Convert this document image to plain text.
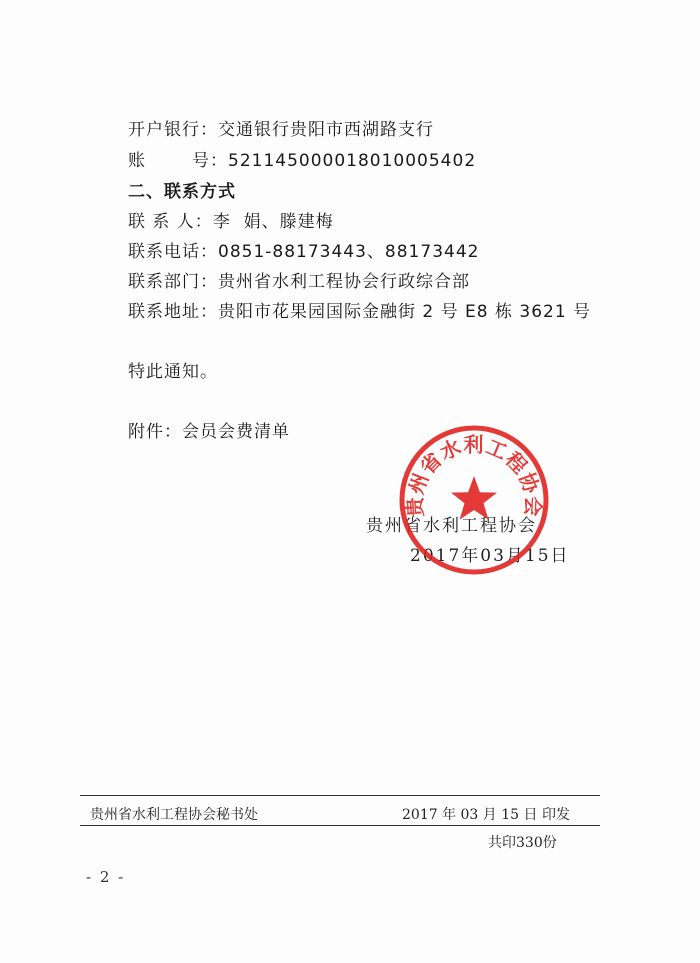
开户银行：交通银行贵阳市西湖路支行
账	号：52114500001801000540​2
二、联系方式
联 系 人：李  娟、滕建梅
联系电话：0851-88173443、88173442
联系部门：贵州省水利工程协会行政综合部
联系地址：贵阳市花果园国际金融街 2 号 E8 栋 3621 号
特此通知。
附件：会员会费清单
贵州省水利工程协会
2017年03月15日
贵州省水利工程协会
贵州省水利工程协会秘书处	2017 年 03 月 15 日 印发
共印330份
- 2 -
